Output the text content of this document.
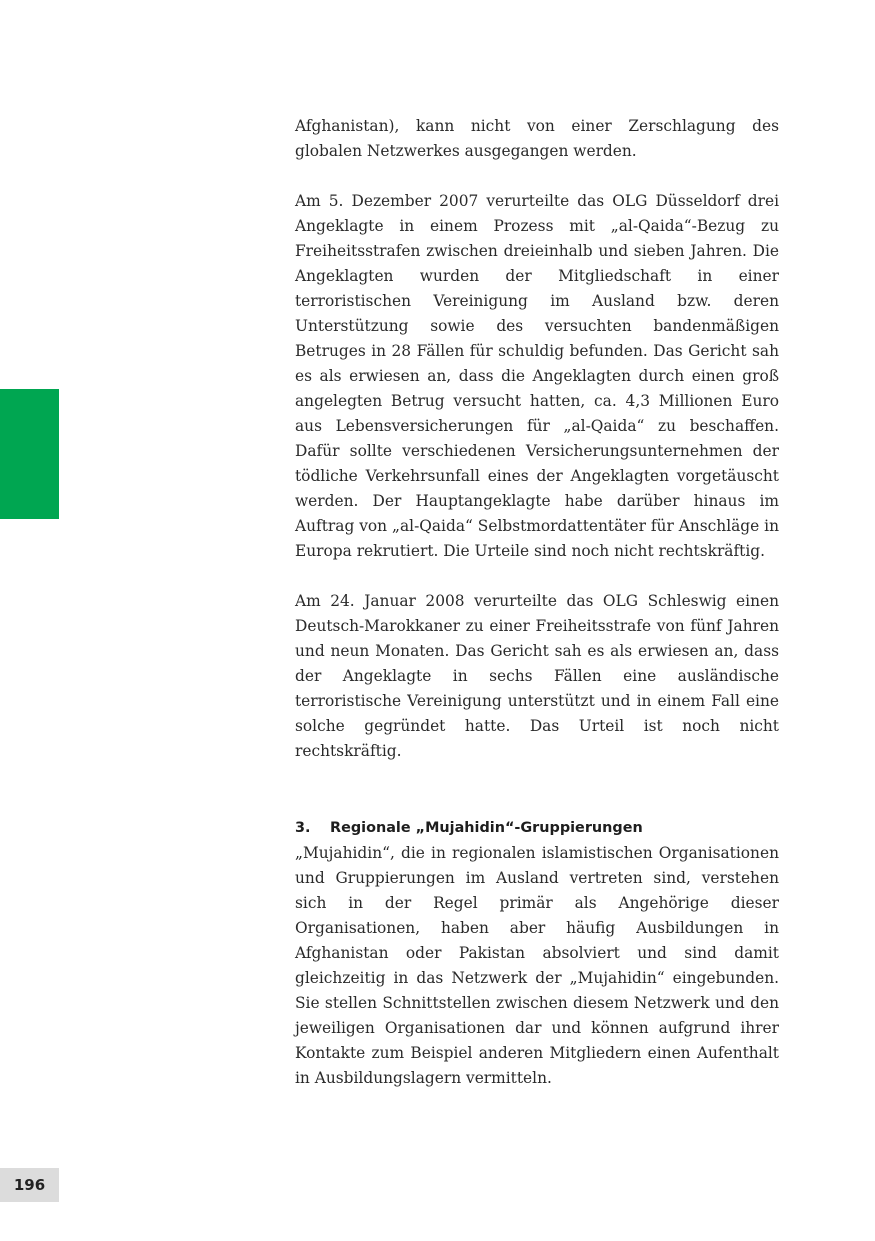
196

Afghanistan), kann nicht von einer Zerschlagung des globalen Netzwerkes ausgegangen werden.

Am 5. Dezember 2007 verurteilte das OLG Düsseldorf drei Angeklagte in einem Prozess mit „al-Qaida“-Bezug zu Freiheitsstrafen zwischen dreieinhalb und sieben Jahren. Die Angeklagten wurden der Mitgliedschaft in einer terroristischen Vereinigung im Ausland bzw. deren Unterstützung sowie des versuchten bandenmäßigen Betruges in 28 Fällen für schuldig befunden. Das Gericht sah es als erwiesen an, dass die Angeklagten durch einen groß angelegten Betrug versucht hatten, ca. 4,3 Millionen Euro aus Lebensversicherungen für „al-Qaida“ zu beschaffen. Dafür sollte verschiedenen Versicherungsunternehmen der tödliche Verkehrsunfall eines der Angeklagten vorgetäuscht werden. Der Hauptangeklagte habe darüber hinaus im Auftrag von „al-Qaida“ Selbstmordattentäter für Anschläge in Europa rekrutiert. Die Urteile sind noch nicht rechtskräftig.

Am 24. Januar 2008 verurteilte das OLG Schleswig einen Deutsch-Marokkaner zu einer Freiheitsstrafe von fünf Jahren und neun Monaten. Das Gericht sah es als erwiesen an, dass der Angeklagte in sechs Fällen eine ausländische terroristische Vereinigung unterstützt und in einem Fall eine solche gegründet hatte. Das Urteil ist noch nicht rechtskräftig.

3.	Regionale „Mujahidin“-Gruppierungen

„Mujahidin“, die in regionalen islamistischen Organisationen und Gruppierungen im Ausland vertreten sind, verstehen sich in der Regel primär als Angehörige dieser Organisationen, haben aber häufig Ausbildungen in Afghanistan oder Pakistan absolviert und sind damit gleichzeitig in das Netzwerk der „Mujahidin“ eingebunden. Sie stellen Schnittstellen zwischen diesem Netzwerk und den jeweiligen Organisationen dar und können aufgrund ihrer Kontakte zum Beispiel anderen Mitgliedern einen Aufenthalt in Ausbildungslagern vermitteln.
